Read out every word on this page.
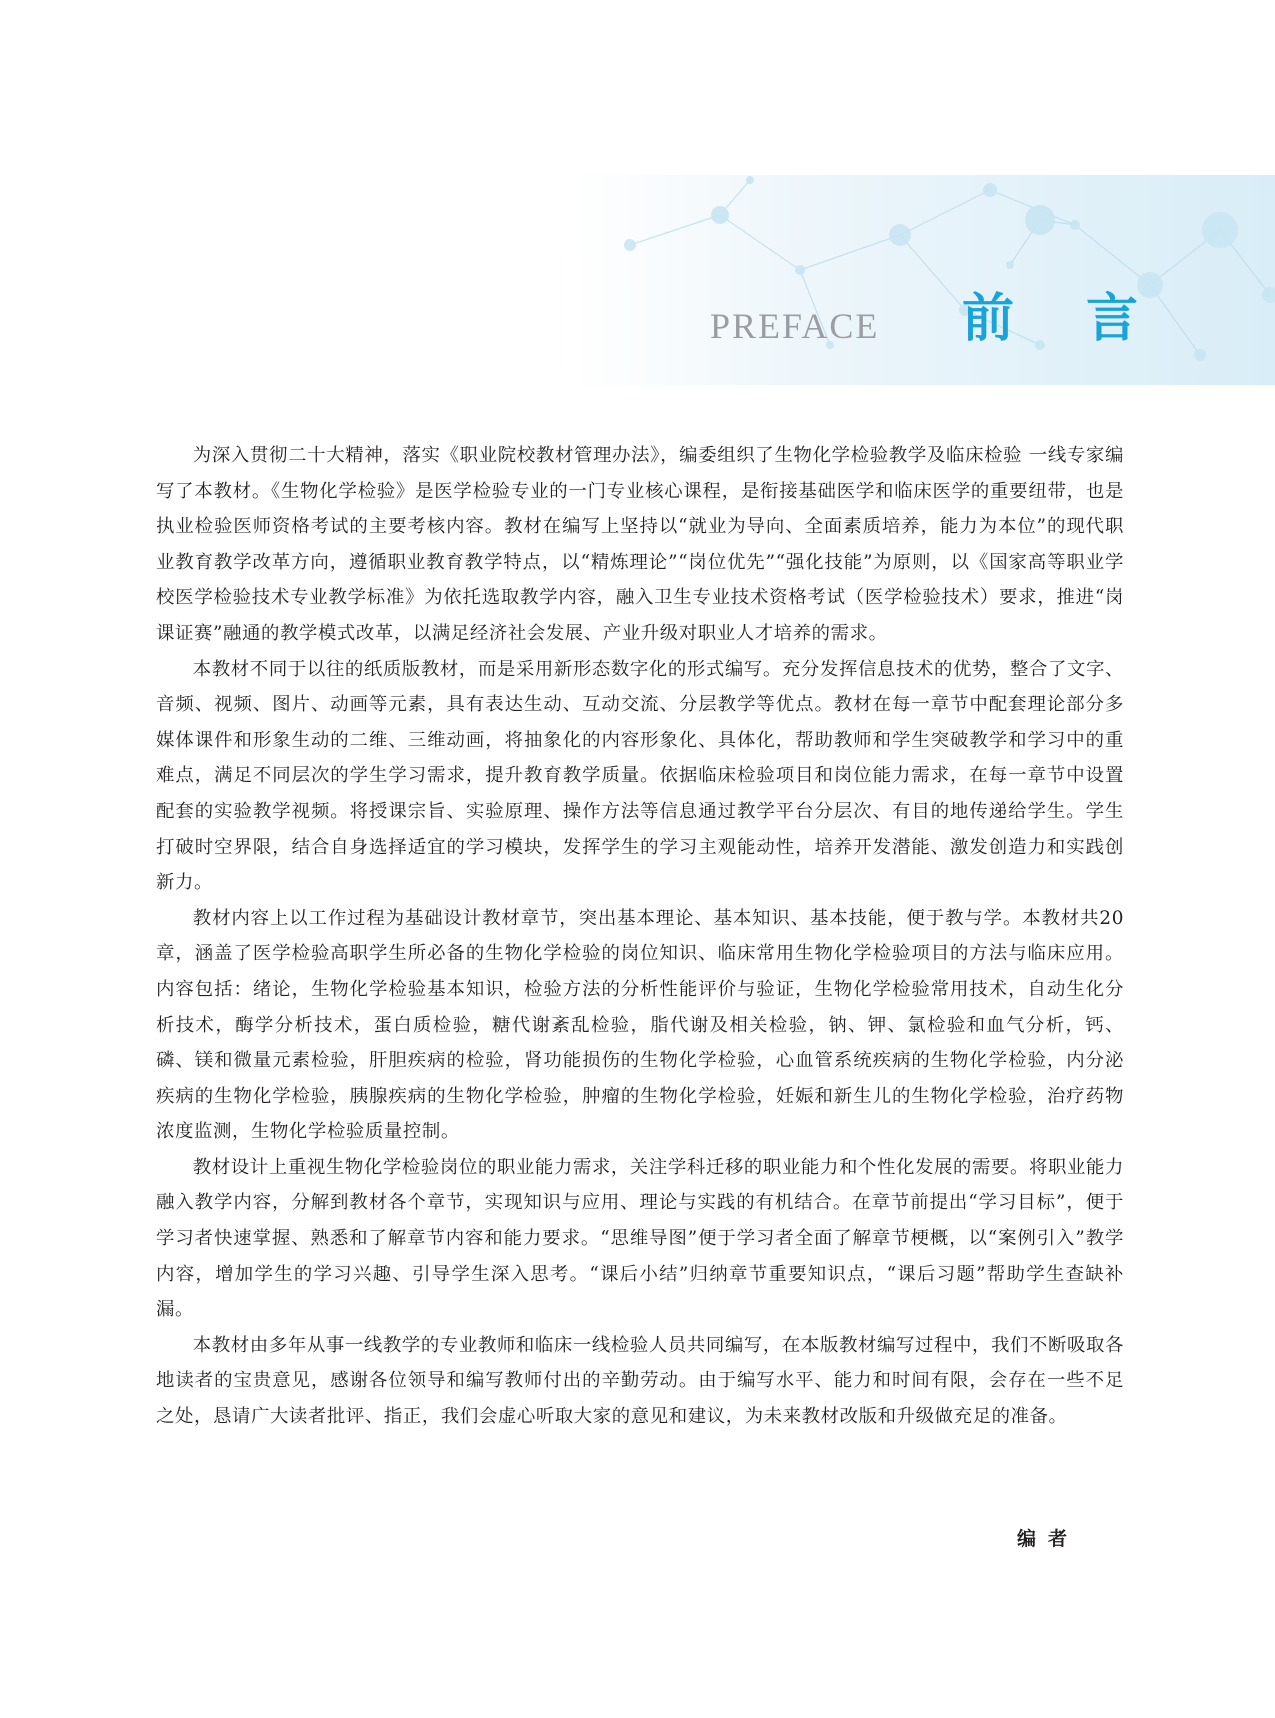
PREFACE 前言

为深入贯彻二十大精神，落实《职业院校教材管理办法》，编委组织了生物化学检验教学及临床检验 一线专家编写了本教材。《生物化学检验》是医学检验专业的一门专业核心课程，是衔接基础医学和临床医学的重要纽带，也是执业检验医师资格考试的主要考核内容。教材在编写上坚持以“就业为导向、全面素质培养，能力为本位”的现代职业教育教学改革方向，遵循职业教育教学特点，以“精炼理论”“岗位优先”“强化技能”为原则，以《国家高等职业学校医学检验技术专业教学标准》为依托选取教学内容，融入卫生专业技术资格考试（医学检验技术）要求，推进“岗课证赛”融通的教学模式改革，以满足经济社会发展、产业升级对职业人才培养的需求。

本教材不同于以往的纸质版教材，而是采用新形态数字化的形式编写。充分发挥信息技术的优势，整合了文字、音频、视频、图片、动画等元素，具有表达生动、互动交流、分层教学等优点。教材在每一章节中配套理论部分多媒体课件和形象生动的二维、三维动画，将抽象化的内容形象化、具体化，帮助教师和学生突破教学和学习中的重难点，满足不同层次的学生学习需求，提升教育教学质量。依据临床检验项目和岗位能力需求，在每一章节中设置配套的实验教学视频。将授课宗旨、实验原理、操作方法等信息通过教学平台分层次、有目的地传递给学生。学生打破时空界限，结合自身选择适宜的学习模块，发挥学生的学习主观能动性，培养开发潜能、激发创造力和实践创新力。

教材内容上以工作过程为基础设计教材章节，突出基本理论、基本知识、基本技能，便于教与学。本教材共20章，涵盖了医学检验高职学生所必备的生物化学检验的岗位知识、临床常用生物化学检验项目的方法与临床应用。内容包括：绪论，生物化学检验基本知识，检验方法的分析性能评价与验证，生物化学检验常用技术，自动生化分析技术，酶学分析技术，蛋白质检验，糖代谢紊乱检验，脂代谢及相关检验，钠、钾、氯检验和血气分析，钙、磷、镁和微量元素检验，肝胆疾病的检验，肾功能损伤的生物化学检验，心血管系统疾病的生物化学检验，内分泌疾病的生物化学检验，胰腺疾病的生物化学检验，肿瘤的生物化学检验，妊娠和新生儿的生物化学检验，治疗药物浓度监测，生物化学检验质量控制。

教材设计上重视生物化学检验岗位的职业能力需求，关注学科迁移的职业能力和个性化发展的需要。将职业能力融入教学内容，分解到教材各个章节，实现知识与应用、理论与实践的有机结合。在章节前提出“学习目标”，便于学习者快速掌握、熟悉和了解章节内容和能力要求。“思维导图”便于学习者全面了解章节梗概，以“案例引入”教学内容，增加学生的学习兴趣、引导学生深入思考。“课后小结”归纳章节重要知识点，“课后习题”帮助学生查缺补漏。

本教材由多年从事一线教学的专业教师和临床一线检验人员共同编写，在本版教材编写过程中，我们不断吸取各地读者的宝贵意见，感谢各位领导和编写教师付出的辛勤劳动。由于编写水平、能力和时间有限，会存在一些不足之处，恳请广大读者批评、指正，我们会虚心听取大家的意见和建议，为未来教材改版和升级做充足的准备。

编者
